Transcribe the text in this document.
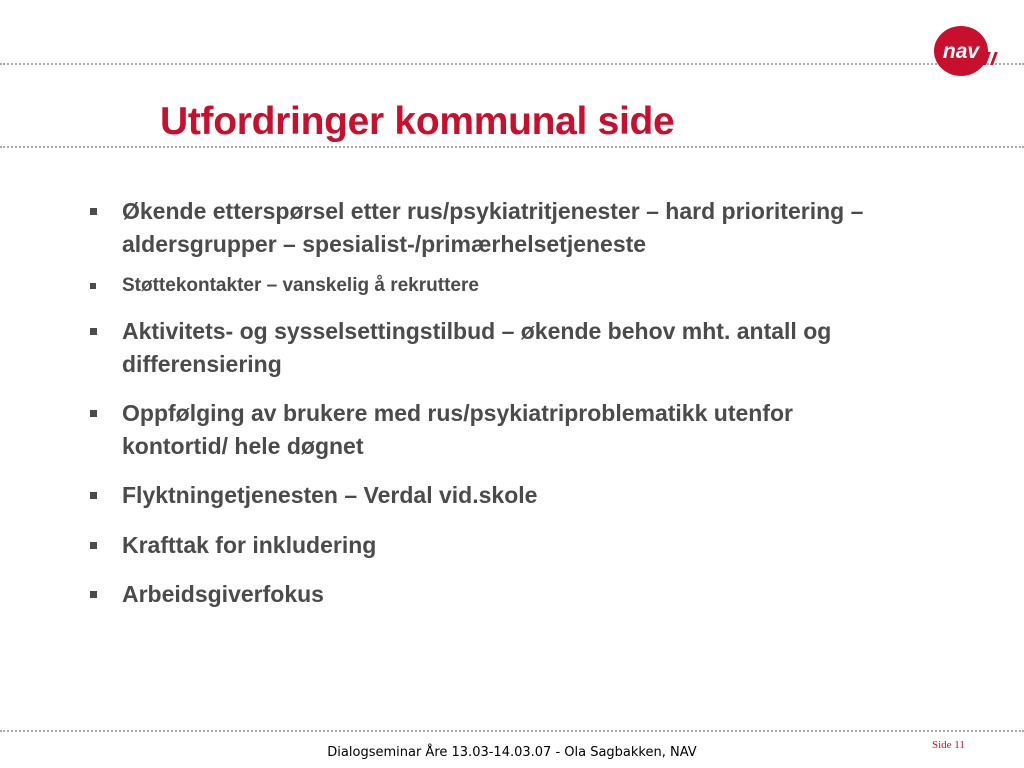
nav
Utfordringer kommunal side
Økende etterspørsel etter rus/psykiatritjenester – hard prioritering – aldersgrupper – spesialist-/primærhelsetjeneste
Støttekontakter – vanskelig å rekruttere
Aktivitets- og sysselsettingstilbud – økende behov mht. antall og differensiering
Oppfølging av brukere med rus/psykiatriproblematikk utenfor kontortid/ hele døgnet
Flyktningetjenesten – Verdal vid.skole
Krafttak for inkludering
Arbeidsgiverfokus
Side 11
Dialogseminar Åre 13.03-14.03.07 - Ola Sagbakken, NAV
